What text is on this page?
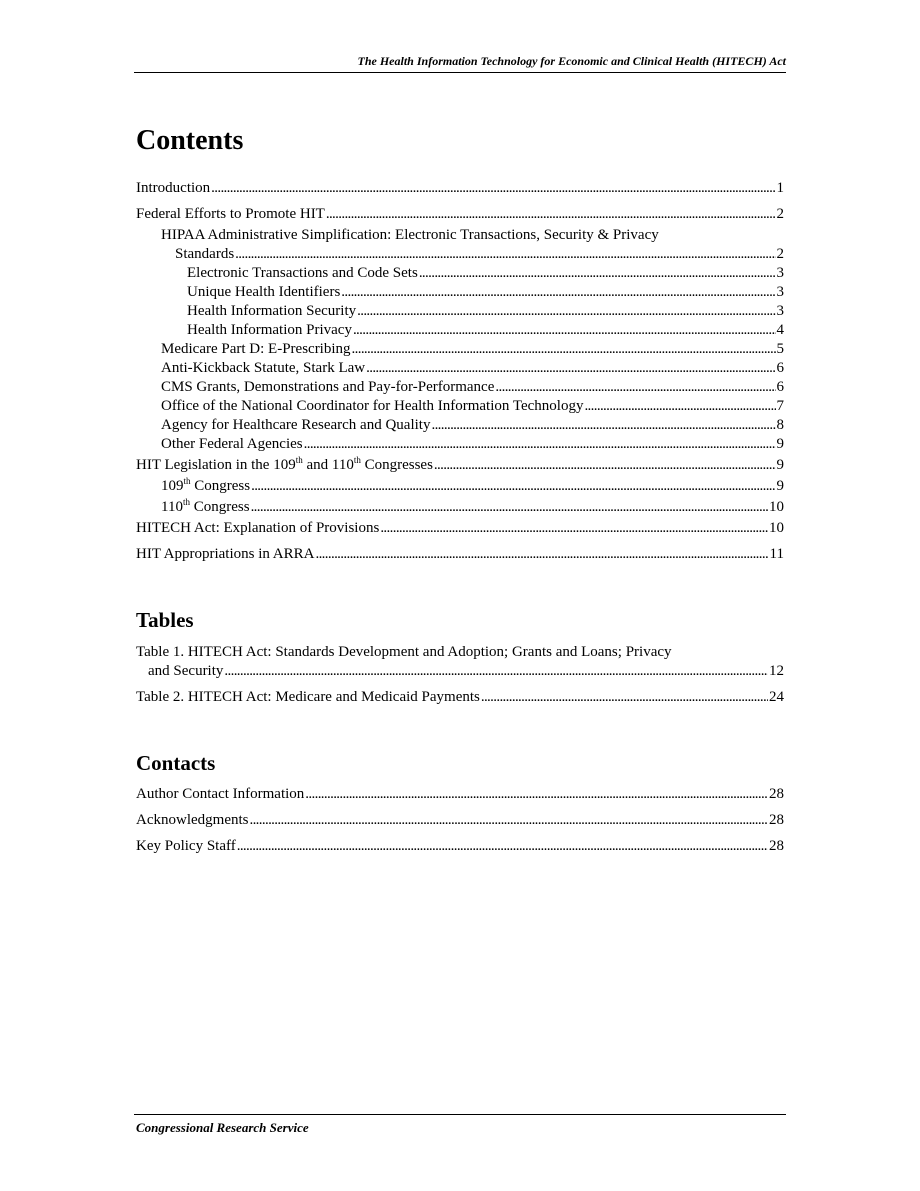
The Health Information Technology for Economic and Clinical Health (HITECH) Act
Contents
Introduction . . .	1
Federal Efforts to Promote HIT . . .	2
HIPAA Administrative Simplification: Electronic Transactions, Security & Privacy
Standards . . .	2
Electronic Transactions and Code Sets . . .	3
Unique Health Identifiers . . .	3
Health Information Security . . .	3
Health Information Privacy . . .	4
Medicare Part D: E-Prescribing . . .	5
Anti-Kickback Statute, Stark Law . . .	6
CMS Grants, Demonstrations and Pay-for-Performance . . .	6
Office of the National Coordinator for Health Information Technology . . .	7
Agency for Healthcare Research and Quality . . .	8
Other Federal Agencies . . .	9
HIT Legislation in the 109th and 110th Congresses . . .	9
109th Congress . . .	9
110th Congress . . .	10
HITECH Act: Explanation of Provisions . . .	10
HIT Appropriations in ARRA . . .	11
Tables
Table 1. HITECH Act: Standards Development and Adoption; Grants and Loans; Privacy
and Security . . .	12
Table 2. HITECH Act: Medicare and Medicaid Payments . . .	24
Contacts
Author Contact Information . . .	28
Acknowledgments . . .	28
Key Policy Staff . . .	28
Congressional Research Service
